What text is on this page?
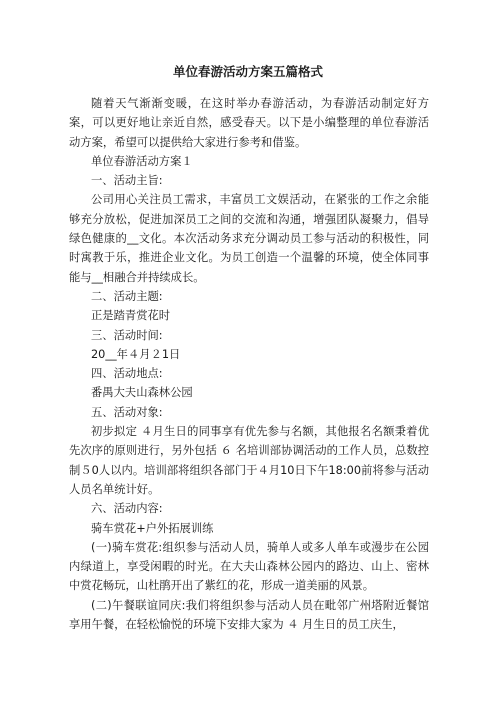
单位春游活动方案五篇格式

随着天气渐渐变暖，在这时举办春游活动，为春游活动制定好方案，可以更好地让亲近自然，感受春天。以下是小编整理的单位春游活动方案，希望可以提供给大家进行参考和借鉴。

单位春游活动方案１

一、活动主旨:

公司用心关注员工需求，丰富员工文娱活动，在紧张的工作之余能够充分放松，促进加深员工之间的交流和沟通，增强团队凝聚力，倡导绿色健康的__文化。本次活动务求充分调动员工参与活动的积极性，同时寓教于乐，推进企业文化。为员工创造一个温馨的环境，使全体同事能与__相融合并持续成长。

二、活动主题:

正是踏青赏花时

三、活动时间:

20__年４月２1日

四、活动地点:

番禺大夫山森林公园

五、活动对象:

初步拟定 ４月生日的同事享有优先参与名额，其他报名名额秉着优先次序的原则进行，另外包括 ６ 名培训部协调活动的工作人员，总数控制５0人以内。培训部将组织各部门于４月10日下午18:00前将参与活动人员名单统计好。

六、活动内容:

骑车赏花+户外拓展训练

(一)骑车赏花:组织参与活动人员，骑单人或多人单车或漫步在公园内绿道上，享受闲暇的时光。在大夫山森林公园内的路边、山上、密林中赏花畅玩，山杜鹃开出了紫红的花，形成一道美丽的风景。

(二)午餐联谊同庆:我们将组织参与活动人员在毗邻广州塔附近餐馆享用午餐，在轻松愉悦的环境下安排大家为 ４ 月生日的员工庆生，
